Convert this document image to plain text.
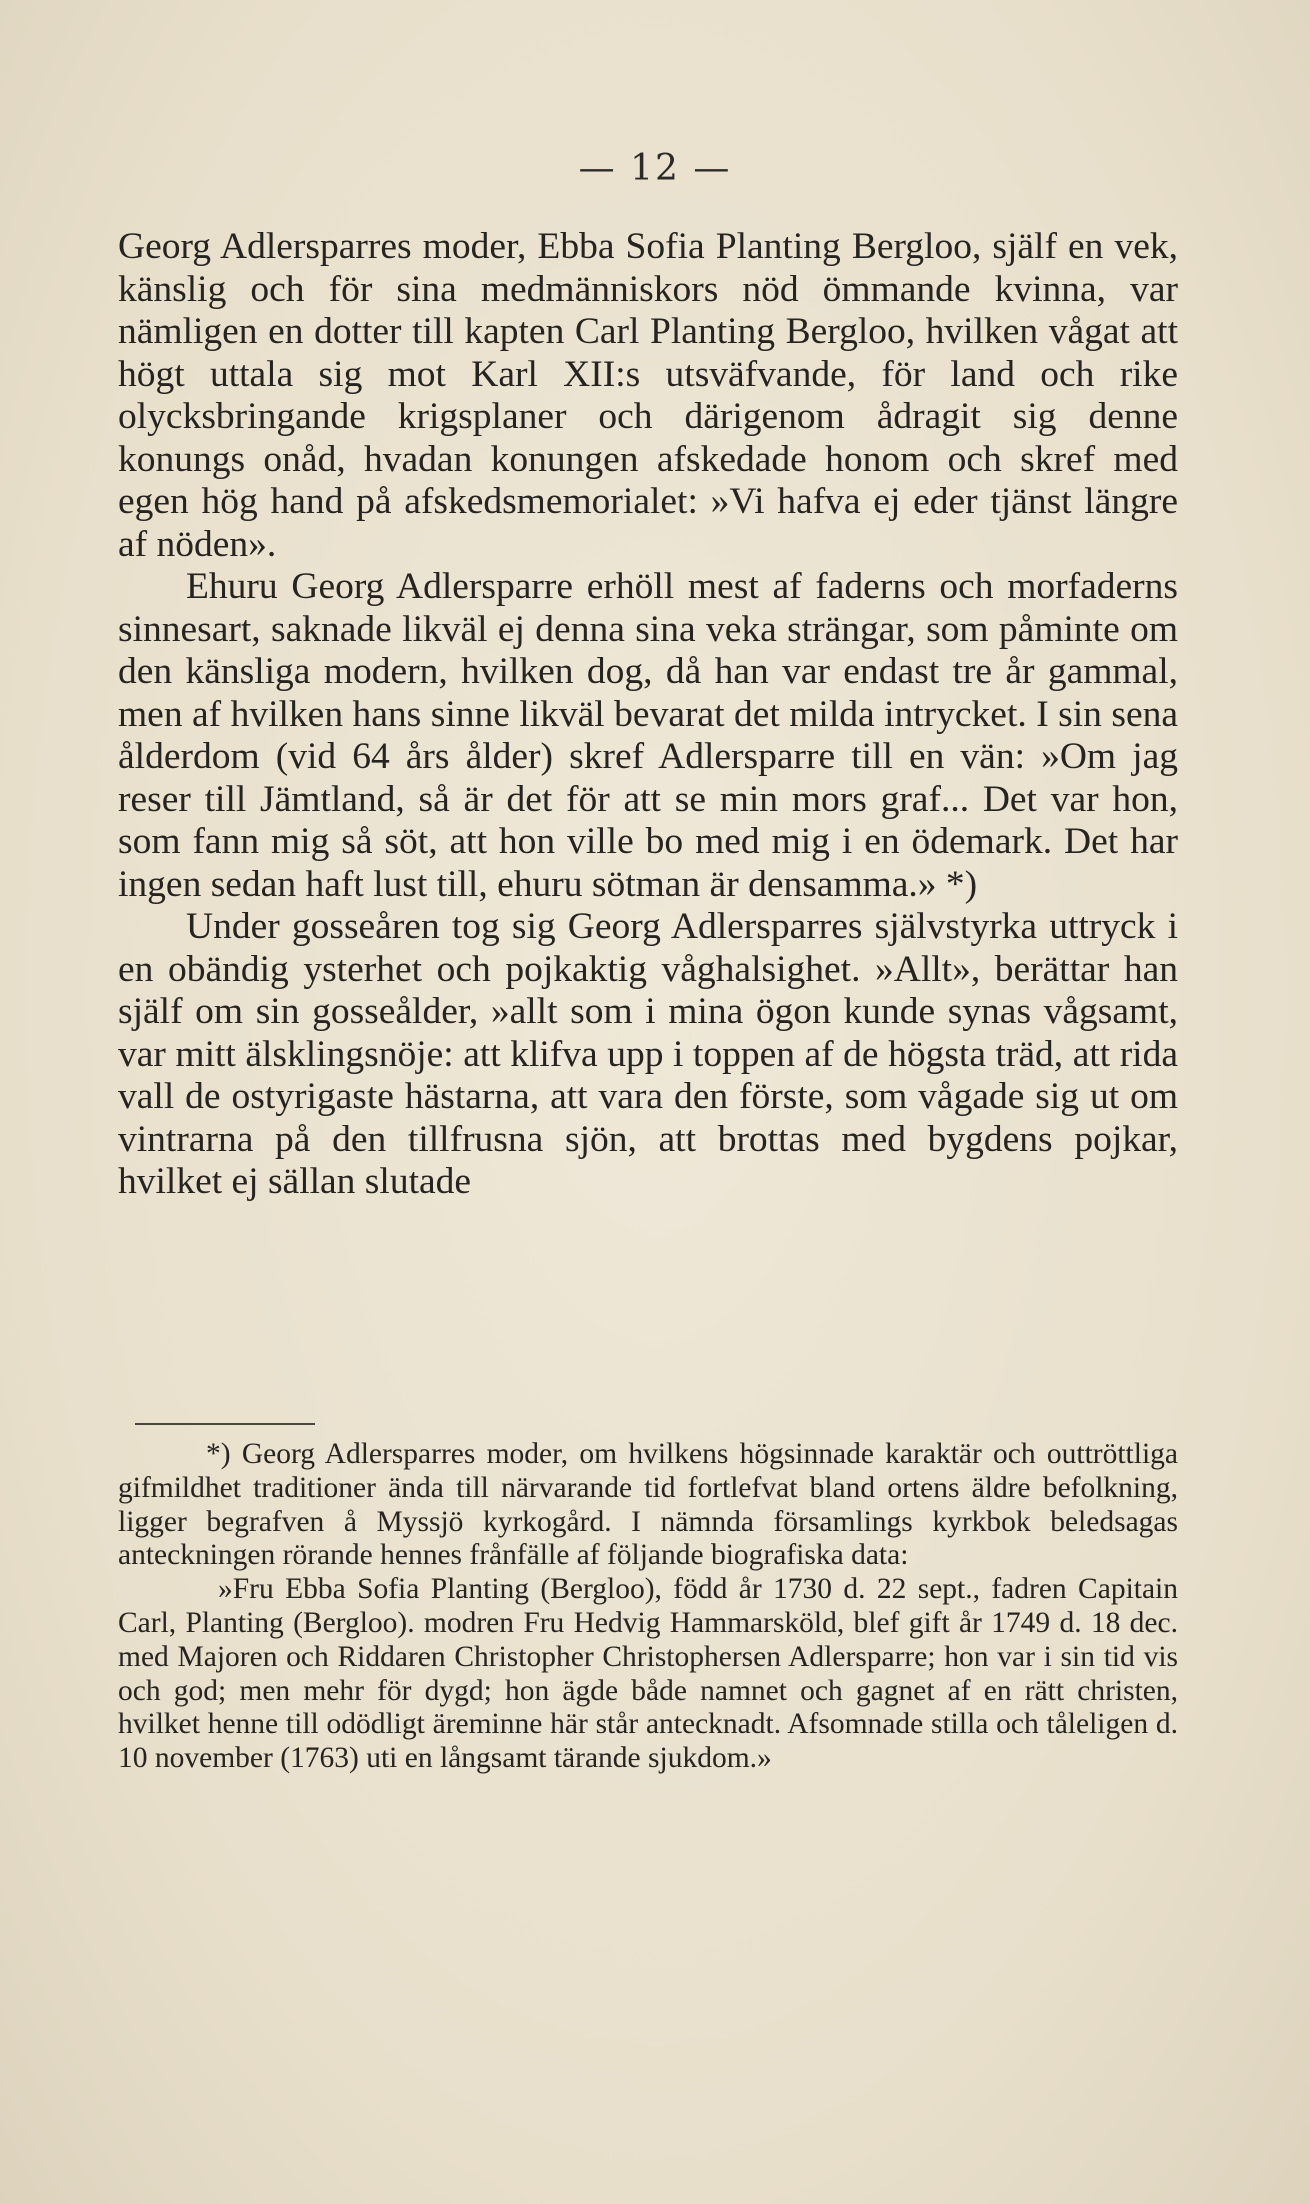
— 12 —

Georg Adlersparres moder, Ebba Sofia Planting Bergloo, själf en vek, känslig och för sina medmänniskors nöd ömmande kvinna, var nämligen en dotter till kapten Carl Planting Bergloo, hvilken vågat att högt uttala sig mot Karl XII:s utsväfvande, för land och rike olycksbringande krigsplaner och därigenom ådragit sig denne konungs onåd, hvadan konungen afskedade honom och skref med egen hög hand på afskedsmemorialet: »Vi hafva ej eder tjänst längre af nöden».

Ehuru Georg Adlersparre erhöll mest af faderns och morfaderns sinnesart, saknade likväl ej denna sina veka strängar, som påminte om den känsliga modern, hvilken dog, då han var endast tre år gammal, men af hvilken hans sinne likväl bevarat det milda intrycket. I sin sena ålderdom (vid 64 års ålder) skref Adlersparre till en vän: »Om jag reser till Jämtland, så är det för att se min mors graf... Det var hon, som fann mig så söt, att hon ville bo med mig i en ödemark. Det har ingen sedan haft lust till, ehuru sötman är densamma.» *)

Under gosseåren tog sig Georg Adlersparres självstyrka uttryck i en obändig ysterhet och pojkaktig våghalsighet. »Allt», berättar han själf om sin gosseålder, »allt som i mina ögon kunde synas vågsamt, var mitt älsklingsnöje: att klifva upp i toppen af de högsta träd, att rida vall de ostyrigaste hästarna, att vara den förste, som vågade sig ut om vintrarna på den tillfrusna sjön, att brottas med bygdens pojkar, hvilket ej sällan slutade

*) Georg Adlersparres moder, om hvilkens högsinnade karaktär och outtröttliga gifmildhet traditioner ända till närvarande tid fortlefvat bland ortens äldre befolkning, ligger begrafven å Myssjö kyrkogård. I nämnda församlings kyrkbok beledsagas anteckningen rörande hennes frånfälle af följande biografiska data:

»Fru Ebba Sofia Planting (Bergloo), född år 1730 d. 22 sept., fadren Capitain Carl, Planting (Bergloo). modren Fru Hedvig Hammarsköld, blef gift år 1749 d. 18 dec. med Majoren och Riddaren Christopher Christophersen Adlersparre; hon var i sin tid vis och god; men mehr för dygd; hon ägde både namnet och gagnet af en rätt christen, hvilket henne till odödligt äreminne här står antecknadt. Afsomnade stilla och tåleligen d. 10 november (1763) uti en långsamt tärande sjukdom.»
